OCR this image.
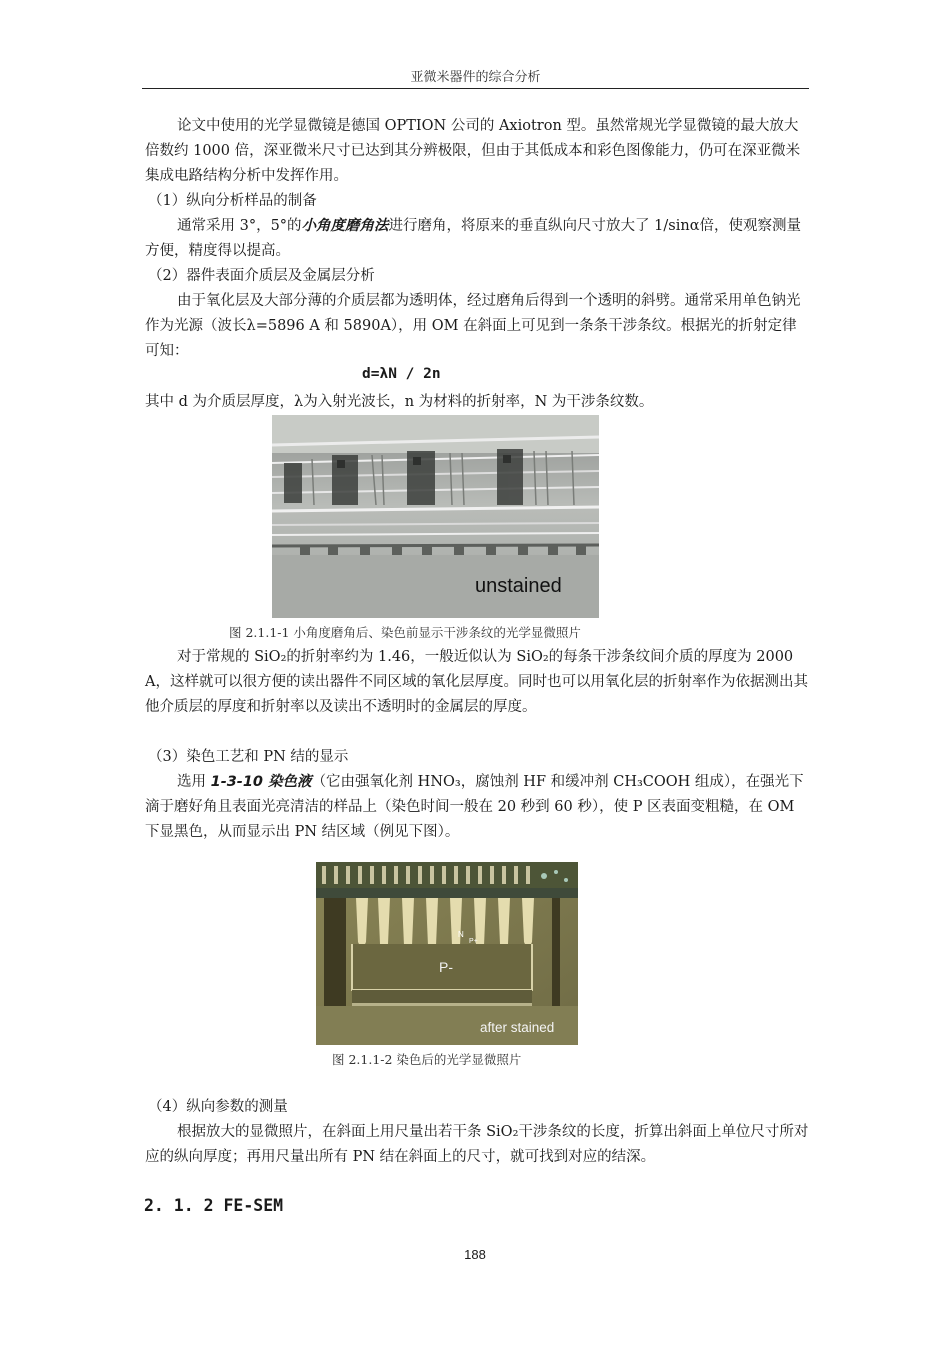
亚微米器件的综合分析
论文中使用的光学显微镜是德国 OPTION 公司的 Axiotron 型。虽然常规光学显微镜的最大放大倍数约 1000 倍，深亚微米尺寸已达到其分辨极限，但由于其低成本和彩色图像能力，仍可在深亚微米集成电路结构分析中发挥作用。
（1）纵向分析样品的制备
通常采用 3°，5°的小角度磨角法进行磨角，将原来的垂直纵向尺寸放大了 1/sinα倍，使观察测量方便，精度得以提高。
（2）器件表面介质层及金属层分析
由于氧化层及大部分薄的介质层都为透明体，经过磨角后得到一个透明的斜劈。通常采用单色钠光作为光源（波长λ=5896 A 和 5890A），用 OM 在斜面上可见到一条条干涉条纹。根据光的折射定律可知：
d=λN / 2n
其中 d 为介质层厚度，λ为入射光波长，n 为材料的折射率，N 为干涉条纹数。
unstained
图 2.1.1-1 小角度磨角后、染色前显示干涉条纹的光学显微照片
对于常规的 SiO₂的折射率约为 1.46，一般近似认为 SiO₂的每条干涉条纹间介质的厚度为 2000 A，这样就可以很方便的读出器件不同区域的氧化层厚度。同时也可以用氧化层的折射率作为依据测出其他介质层的厚度和折射率以及读出不透明时的金属层的厚度。
（3）染色工艺和 PN 结的显示
选用 1-3-10 染色液（它由强氧化剂 HNO₃，腐蚀剂 HF 和缓冲剂 CH₃COOH 组成），在强光下滴于磨好角且表面光亮清洁的样品上（染色时间一般在 20 秒到 60 秒），使 P 区表面变粗糙，在 OM 下显黑色，从而显示出 PN 结区域（例见下图）。
P-
N
P+
after stained
图 2.1.1-2 染色后的光学显微照片
（4）纵向参数的测量
根据放大的显微照片，在斜面上用尺量出若干条 SiO₂干涉条纹的长度，折算出斜面上单位尺寸所对应的纵向厚度；再用尺量出所有 PN 结在斜面上的尺寸，就可找到对应的结深。
2. 1. 2 FE-SEM
188
